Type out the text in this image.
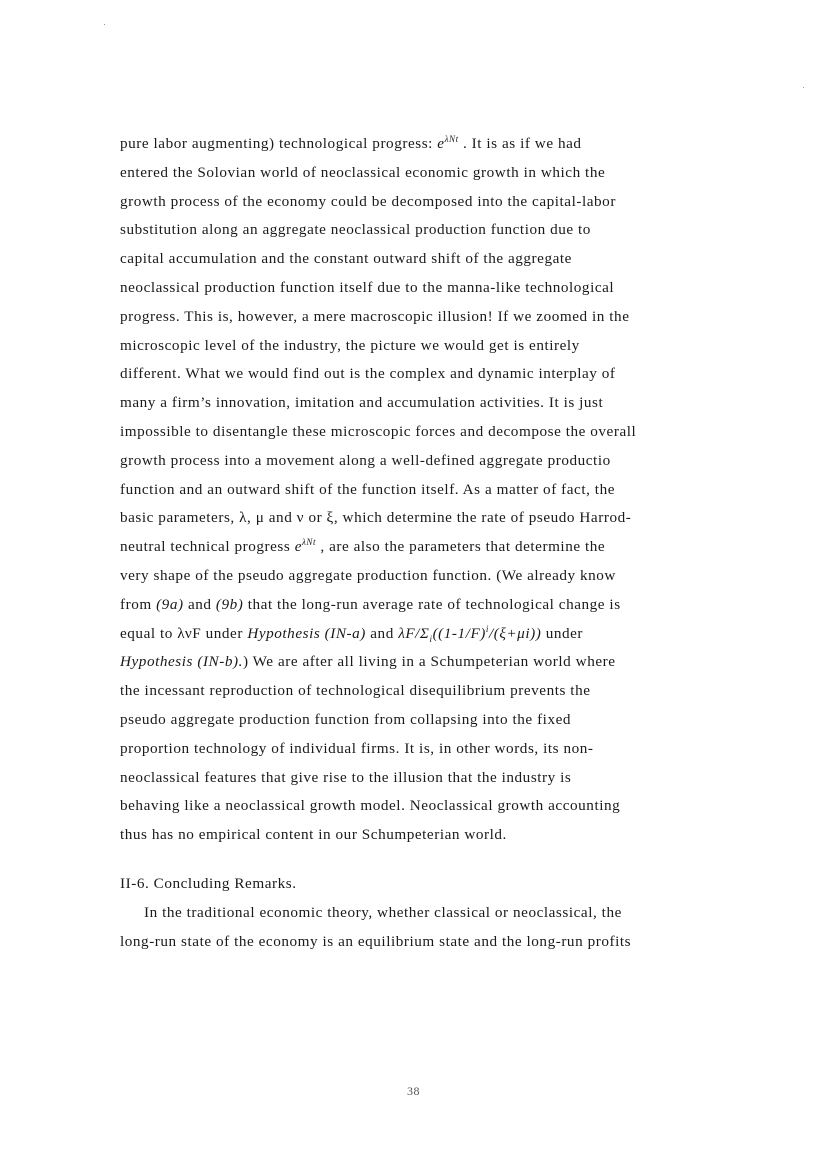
pure labor augmenting) technological progress: $e^{\lambda Nt}$ . It is as if we had
entered the Solovian world of neoclassical economic growth in which the
growth process of the economy could be decomposed into the capital-labor
substitution along an aggregate neoclassical production function due to
capital accumulation and the constant outward shift of the aggregate
neoclassical production function itself due to the manna-like technological
progress. This is, however, a mere macroscopic illusion! If we zoomed in the
microscopic level of the industry, the picture we would get is entirely
different. What we would find out is the complex and dynamic interplay of
many a firm’s innovation, imitation and accumulation activities. It is just
impossible to disentangle these microscopic forces and decompose the overall
growth process into a movement along a well-defined aggregate productio
function and an outward shift of the function itself. As a matter of fact, the
basic parameters, λ, μ and ν or ξ, which determine the rate of pseudo Harrod-
neutral technical progress $e^{\lambda Nt}$ , are also the parameters that determine the
very shape of the pseudo aggregate production function. (We already know
from (9a) and (9b) that the long-run average rate of technological change is
equal to λνF under Hypothesis (IN-a) and $\lambda F/\Sigma_i((1-1/F)^i/(\xi+\mu i))$ under
Hypothesis (IN-b).) We are after all living in a Schumpeterian world where
the incessant reproduction of technological disequilibrium prevents the
pseudo aggregate production function from collapsing into the fixed
proportion technology of individual firms. It is, in other words, its non-
neoclassical features that give rise to the illusion that the industry is
behaving like a neoclassical growth model. Neoclassical growth accounting
thus has no empirical content in our Schumpeterian world.
II-6. Concluding Remarks.
In the traditional economic theory, whether classical or neoclassical, the
long-run state of the economy is an equilibrium state and the long-run profits
38
